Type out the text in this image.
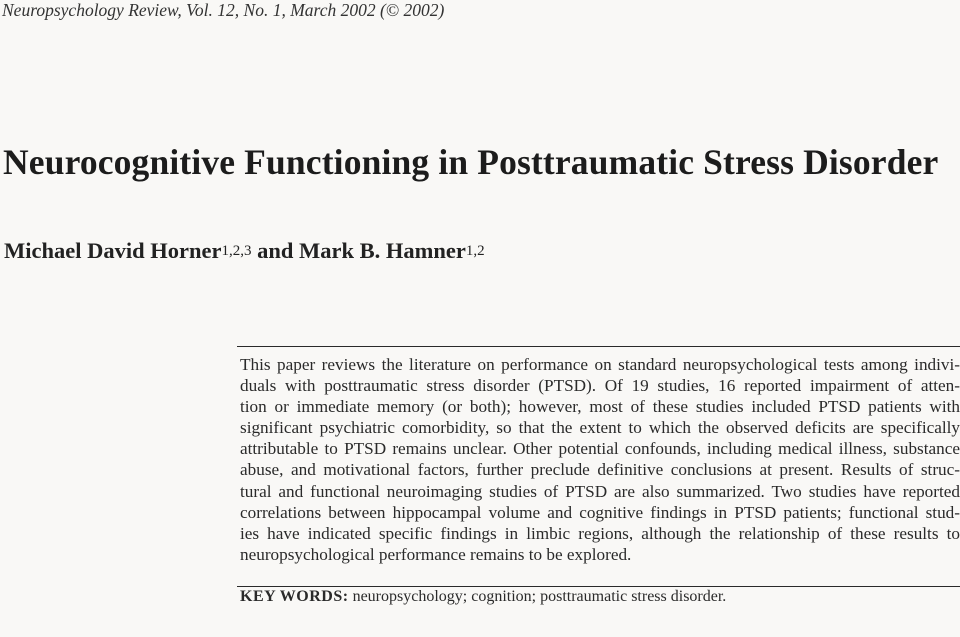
Neuropsychology Review, Vol. 12, No. 1, March 2002 (© 2002)
Neurocognitive Functioning in Posttraumatic Stress Disorder
Michael David Horner$^{1,2,3}$ and Mark B. Hamner$^{1,2}$
This paper reviews the literature on performance on standard neuropsychological tests among indivi-
duals with posttraumatic stress disorder (PTSD). Of 19 studies, 16 reported impairment of atten-
tion or immediate memory (or both); however, most of these studies included PTSD patients with
significant psychiatric comorbidity, so that the extent to which the observed deficits are specifically
attributable to PTSD remains unclear. Other potential confounds, including medical illness, substance
abuse, and motivational factors, further preclude definitive conclusions at present. Results of struc-
tural and functional neuroimaging studies of PTSD are also summarized. Two studies have reported
correlations between hippocampal volume and cognitive findings in PTSD patients; functional stud-
ies have indicated specific findings in limbic regions, although the relationship of these results to
neuropsychological performance remains to be explored.
KEY WORDS: neuropsychology; cognition; posttraumatic stress disorder.
